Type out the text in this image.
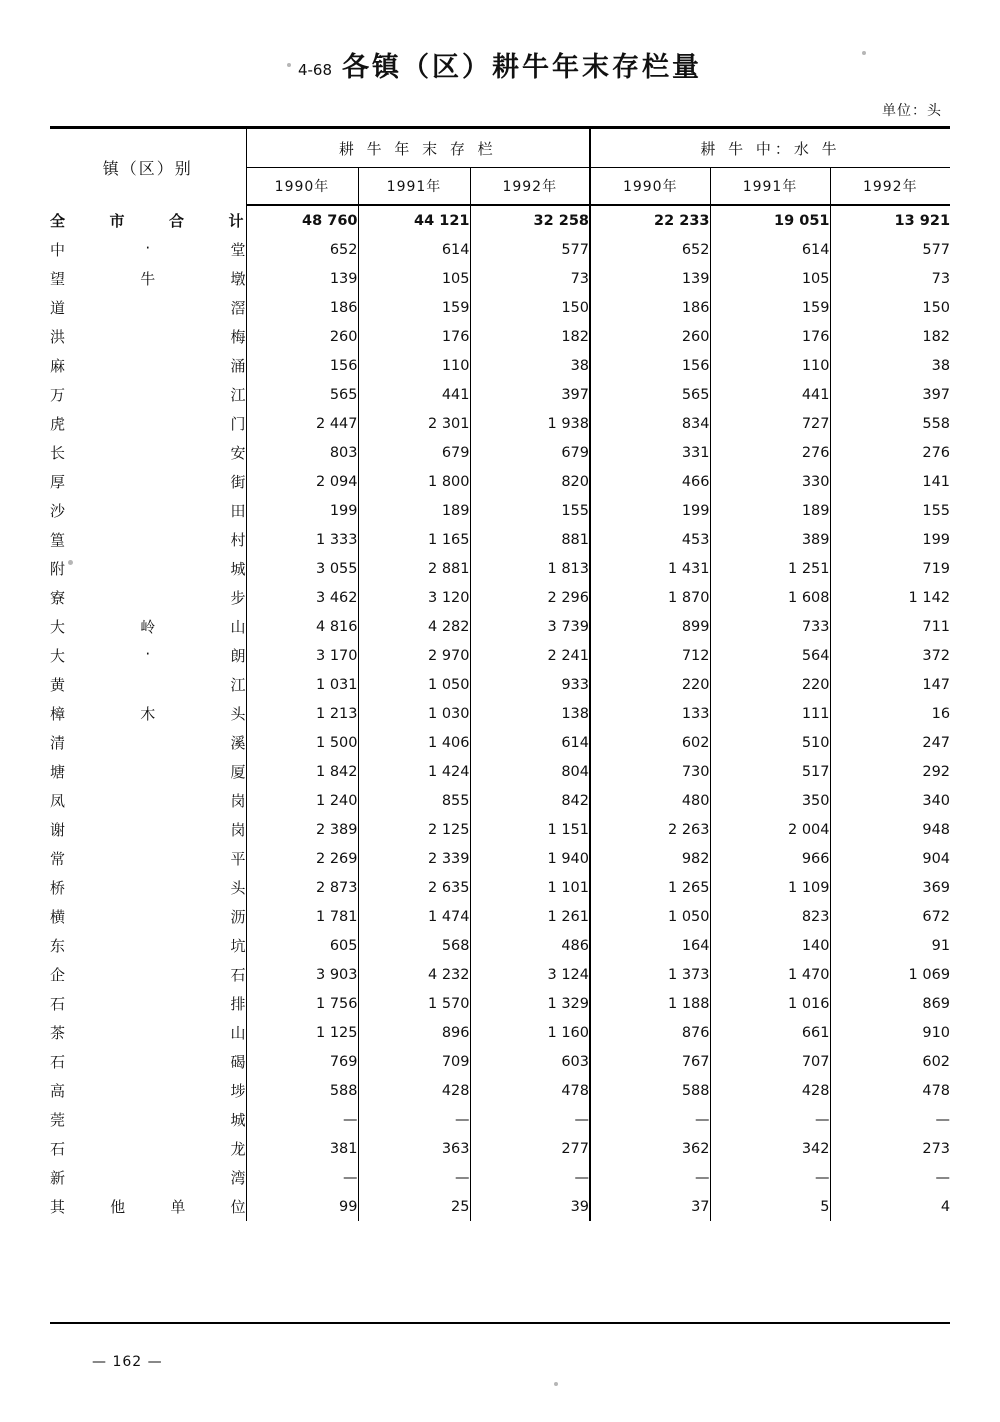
4-68 各镇（区）耕牛年末存栏量
单位：头
镇（区）别	耕 牛 年 末 存 栏			耕 牛 中：水 牛		
	1990年	1991年	1992年	1990年	1991年	1992年

全 市 合 计	48 760	44 121	32 258	22 233	19 051	13 921

中 · 堂	652	614	577	652	614	577

望 牛 墩	139	105	73	139	105	73

道 滘	186	159	150	186	159	150

洪 梅	260	176	182	260	176	182

麻 涌	156	110	38	156	110	38

万 江	565	441	397	565	441	397

虎 门	2 447	2 301	1 938	834	727	558

长 安	803	679	679	331	276	276

厚 街	2 094	1 800	820	466	330	141

沙 田	199	189	155	199	189	155

篁 村	1 333	1 165	881	453	389	199

附 城	3 055	2 881	1 813	1 431	1 251	719

寮 步	3 462	3 120	2 296	1 870	1 608	1 142

大 岭 山	4 816	4 282	3 739	899	733	711

大 · 朗	3 170	2 970	2 241	712	564	372

黄 江	1 031	1 050	933	220	220	147

樟 木 头	1 213	1 030	138	133	111	16

清 溪	1 500	1 406	614	602	510	247

塘 厦	1 842	1 424	804	730	517	292

凤 岗	1 240	855	842	480	350	340

谢 岗	2 389	2 125	1 151	2 263	2 004	948

常 平	2 269	2 339	1 940	982	966	904

桥 头	2 873	2 635	1 101	1 265	1 109	369

横 沥	1 781	1 474	1 261	1 050	823	672

东 坑	605	568	486	164	140	91

企 石	3 903	4 232	3 124	1 373	1 470	1 069

石 排	1 756	1 570	1 329	1 188	1 016	869

茶 山	1 125	896	1 160	876	661	910

石 碣	769	709	603	767	707	602

高 埗	588	428	478	588	428	478

莞 城	—	—	—	—	—	—

石 龙	381	363	277	362	342	273

新 湾	—	—	—	—	—	—

其 他 单 位	99	25	39	37	5	4
— 162 —
